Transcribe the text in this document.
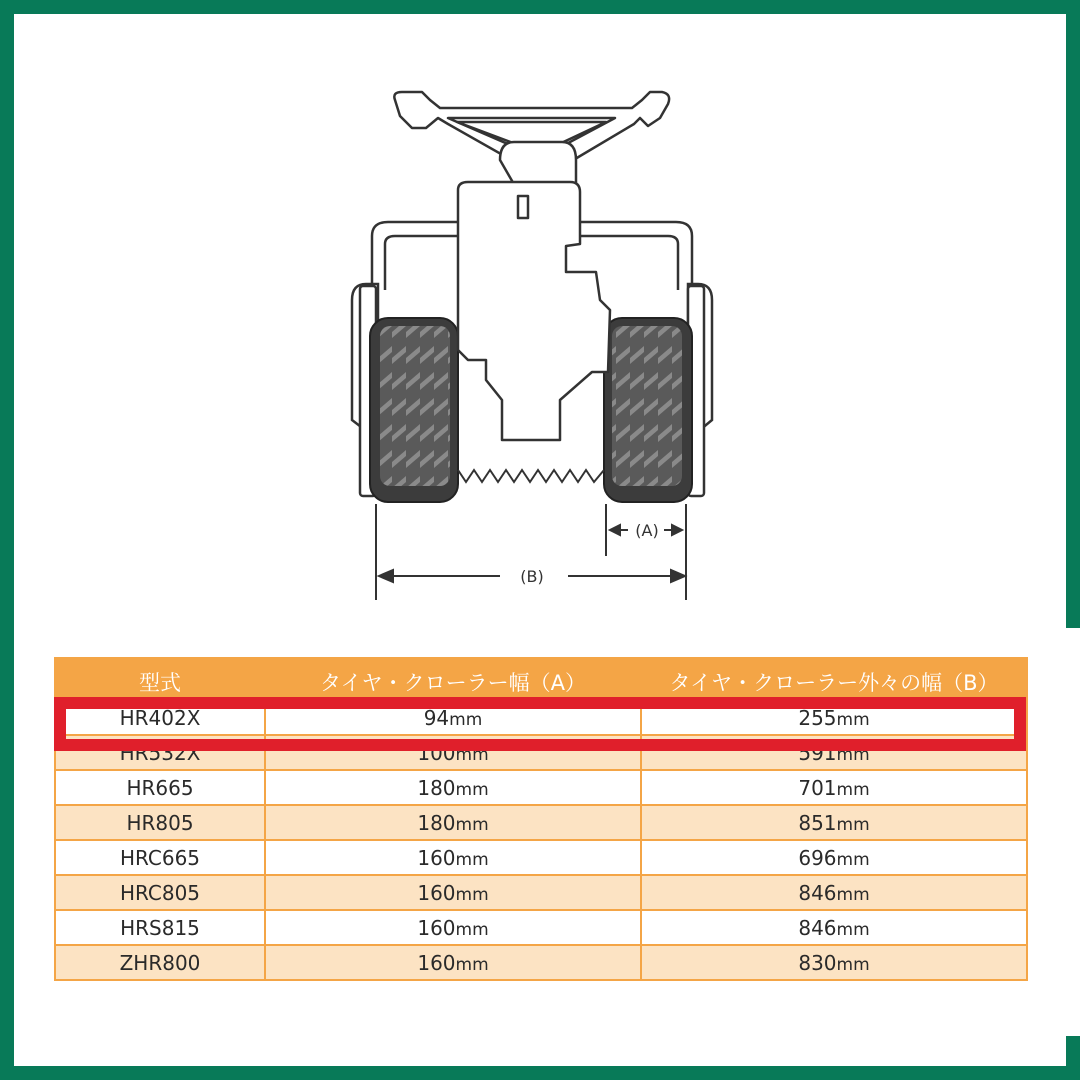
(A)
(B)
型式	タイヤ・クローラー幅（A）	タイヤ・クローラー外々の幅（B）
HR402X	94mm	255mm
HR532X	100mm	591mm
HR665	180mm	701mm
HR805	180mm	851mm
HRC665	160mm	696mm
HRC805	160mm	846mm
HRS815	160mm	846mm
ZHR800	160mm	830mm
